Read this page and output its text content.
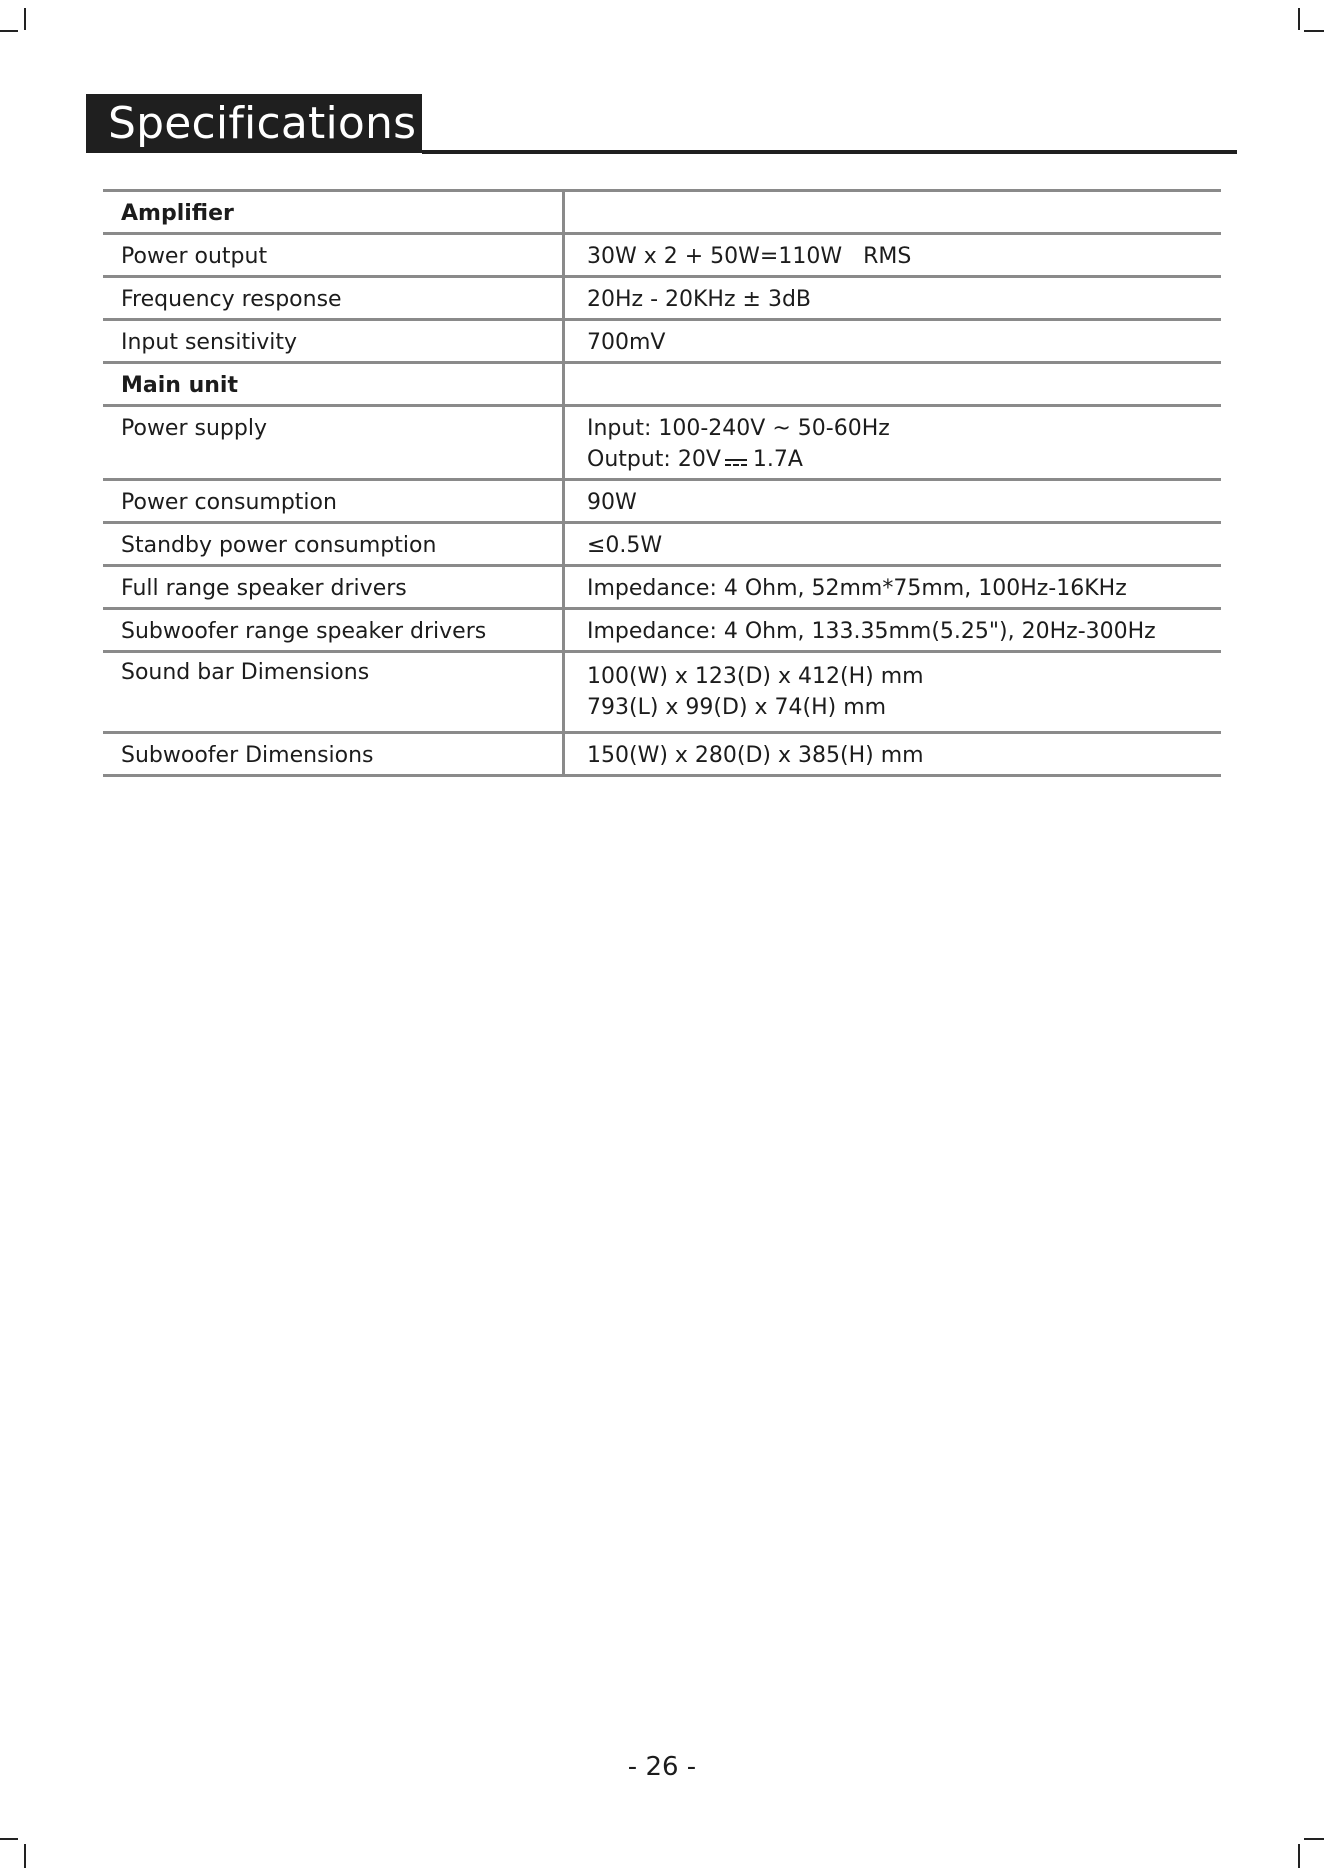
Specifications
Amplifier	
Power output	30W x 2 + 50W=110W   RMS
Frequency response	20Hz - 20KHz ± 3dB
Input sensitivity	700mV
Main unit	
Power supply	Input: 100-240V ~ 50-60Hz
Output: 20V 1.7A

Power consumption	90W
Standby power consumption	≤0.5W
Full range speaker drivers	Impedance: 4 Ohm, 52mm*75mm, 100Hz-16KHz
Subwoofer range speaker drivers	Impedance: 4 Ohm, 133.35mm(5.25"), 20Hz-300Hz
Sound bar Dimensions	100(W) x 123(D) x 412(H) mm
793(L) x 99(D) x 74(H) mm

Subwoofer Dimensions	150(W) x 280(D) x 385(H) mm
- 26 -
